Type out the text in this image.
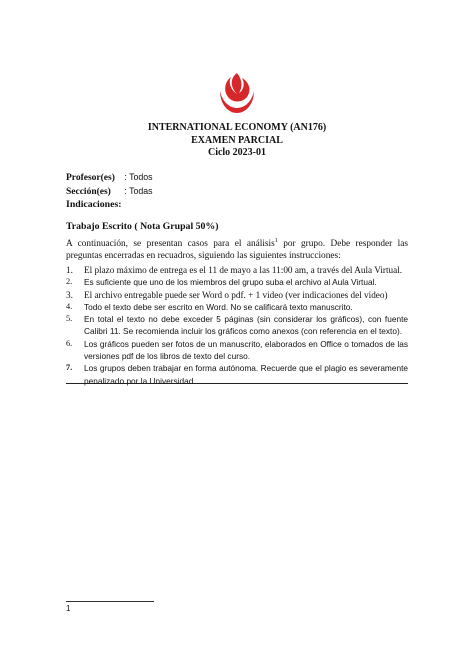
INTERNATIONAL ECONOMY (AN176)
EXAMEN PARCIAL
Ciclo 2023-01
Profesor(es) : Todos
Sección(es) : Todas
Indicaciones:
Trabajo Escrito ( Nota Grupal 50%)
A continuación, se presentan casos para el análisis$^1$ por grupo. Debe responder las preguntas encerradas en recuadros, siguiendo las siguientes instrucciones:
1.	El plazo máximo de entrega es el 11 de mayo a las 11:00 am, a través del Aula Virtual.
2.	Es suficiente que uno de los miembros del grupo suba el archivo al Aula Virtual.
3.	El archivo entregable puede ser Word o pdf. + 1 video (ver indicaciones del video)
4.	Todo el texto debe ser escrito en Word. No se calificará texto manuscrito.
5.	En total el texto no debe exceder 5 páginas (sin considerar los gráficos), con fuente Calibri 11. Se recomienda incluir los gráficos como anexos (con referencia en el texto).
6.	Los gráficos pueden ser fotos de un manuscrito, elaborados en Office o tomados de las versiones pdf de los libros de texto del curso.
7.	Los grupos deben trabajar en forma autónoma. Recuerde que el plagio es severamente penalizado por la Universidad.
1
